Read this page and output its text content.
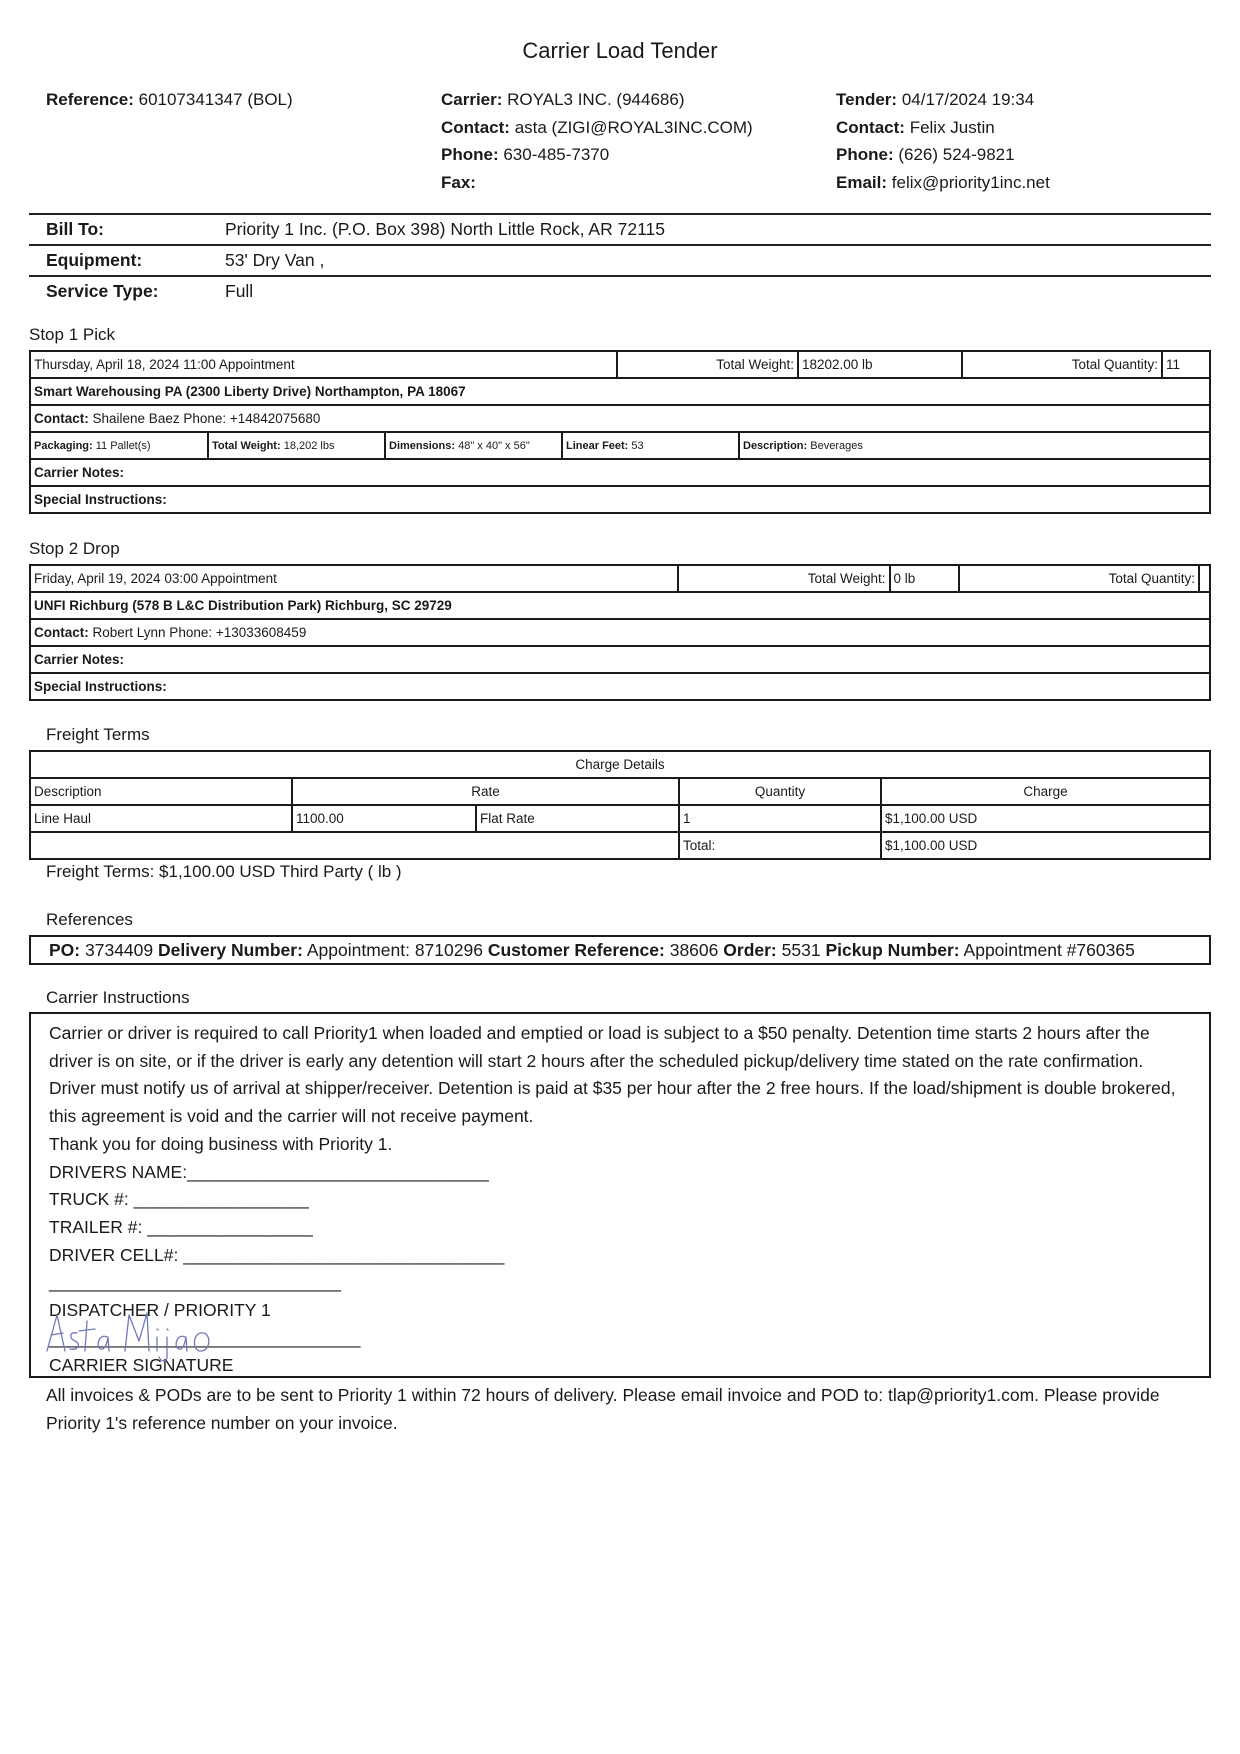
Carrier Load Tender
Reference: 60107341347 (BOL)	Carrier: ROYAL3 INC. (944686)
Contact: asta (ZIGI@ROYAL3INC.COM)
Phone: 630-485-7370
Fax:
Tender: 04/17/2024 19:34
Contact: Felix Justin
Phone: (626) 524-9821
Email: felix@priority1inc.net
Bill To:	Priority 1 Inc. (P.O. Box 398) North Little Rock, AR 72115
Equipment:	53' Dry Van ,
Service Type:	Full
Stop 1 Pick
Thursday, April 18, 2024 11:00 Appointment	Total Weight:	18202.00 lb	Total Quantity:	11
Smart Warehousing PA (2300 Liberty Drive) Northampton, PA 18067
Contact: Shailene Baez Phone: +14842075680
Packaging: 11 Pallet(s)	Total Weight: 18,202 lbs	Dimensions: 48" x 40" x 56"	Linear Feet: 53	Description: Beverages
Carrier Notes:
Special Instructions:
Stop 2 Drop
Friday, April 19, 2024 03:00 Appointment	Total Weight:	0 lb	Total Quantity:	
UNFI Richburg (578 B L&C Distribution Park) Richburg, SC 29729
Contact: Robert Lynn Phone: +13033608459
Carrier Notes:
Special Instructions:
Freight Terms
Charge Details				
Description	Rate		Quantity	Charge
Line Haul	1100.00	Flat Rate	1	$1,100.00 USD
			Total:	$1,100.00 USD
Freight Terms: $1,100.00 USD Third Party ( lb )
References
PO: 3734409 Delivery Number: Appointment: 8710296 Customer Reference: 38606 Order: 5531 Pickup Number: Appointment #760365
Carrier Instructions

Carrier or driver is required to call Priority1 when loaded and emptied or load is subject to a $50 penalty. Detention time starts 2 hours after the driver is on site, or if the driver is early any detention will start 2 hours after the scheduled pickup/delivery time stated on the rate confirmation. Driver must notify us of arrival at shipper/receiver. Detention is paid at $35 per hour after the 2 free hours. If the load/shipment is double brokered, this agreement is void and the carrier will not receive payment.

Thank you for doing business with Priority 1.

DRIVERS NAME:_______________________________

TRUCK #: __________________

TRAILER #: _________________

DRIVER CELL#: _________________________________

______________________________

DISPATCHER / PRIORITY 1

________________________________

CARRIER SIGNATURE

All invoices & PODs are to be sent to Priority 1 within 72 hours of delivery. Please email invoice and POD to: tlap@priority1.com. Please provide Priority 1's reference number on your invoice.
